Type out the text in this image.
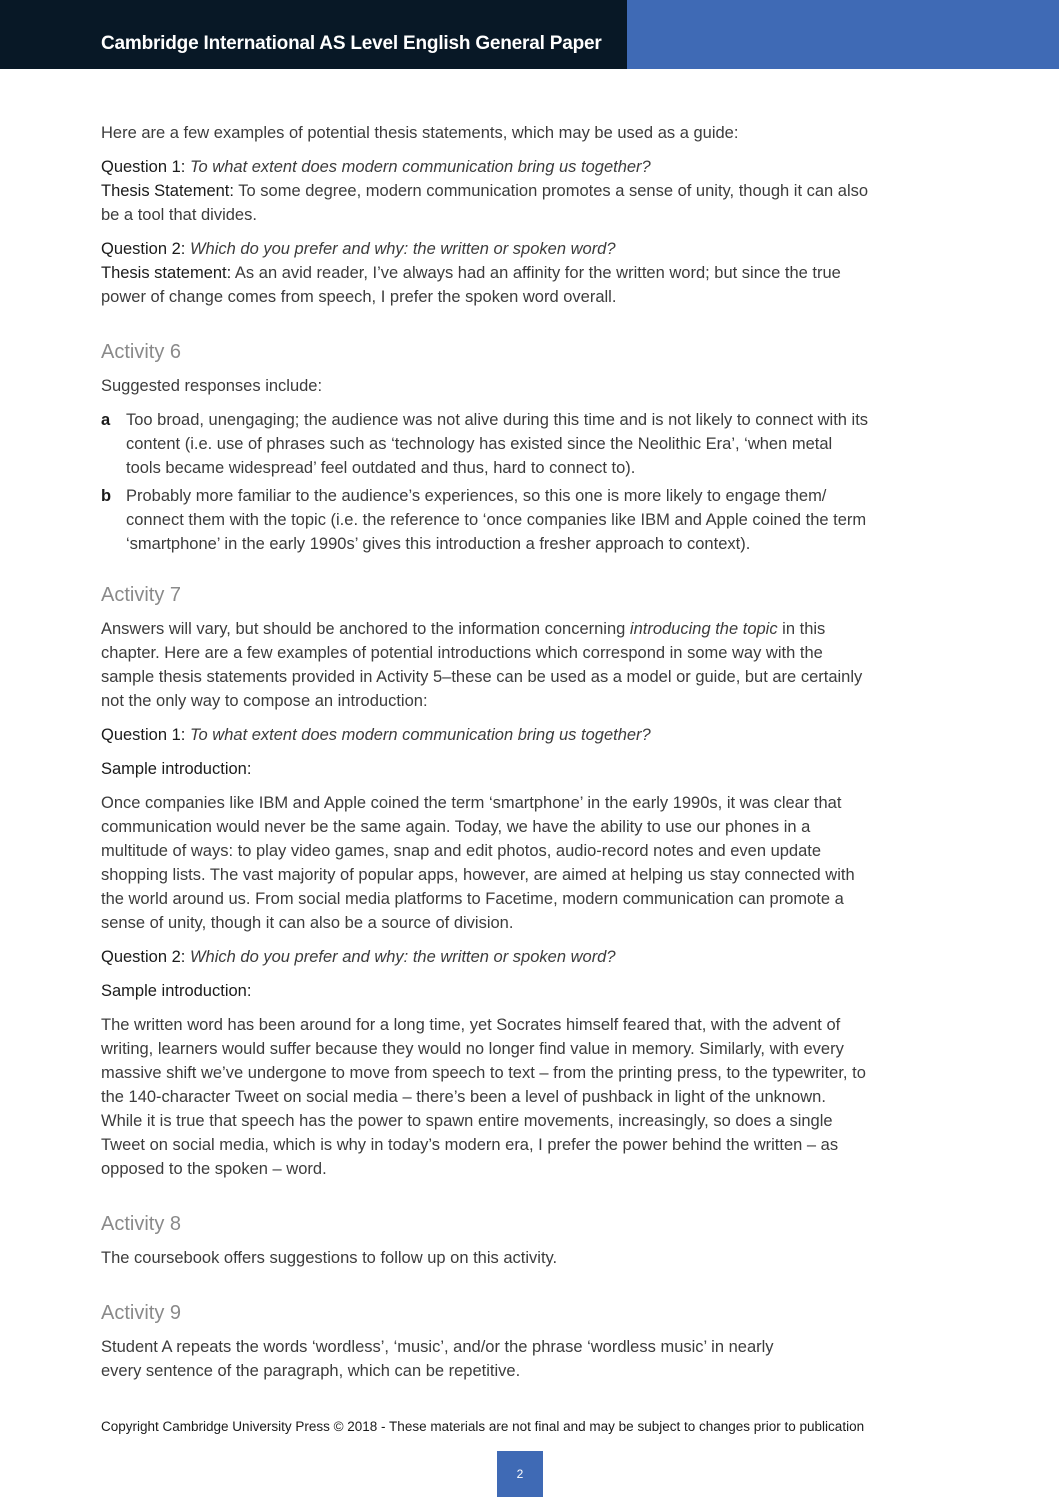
Cambridge International AS Level English General Paper

Here are a few examples of potential thesis statements, which may be used as a guide:

Question 1: To what extent does modern communication bring us together?

Thesis Statement: To some degree, modern communication promotes a sense of unity, though it can also be a tool that divides.

Question 2: Which do you prefer and why: the written or spoken word?

Thesis statement: As an avid reader, I’ve always had an affinity for the written word; but since the true power of change comes from speech, I prefer the spoken word overall.

Activity 6

Suggested responses include:

a Too broad, unengaging; the audience was not alive during this time and is not likely to connect with its content (i.e. use of phrases such as ‘technology has existed since the Neolithic Era’, ‘when metal tools became widespread’ feel outdated and thus, hard to connect to).
b Probably more familiar to the audience’s experiences, so this one is more likely to engage them/ connect them with the topic (i.e. the reference to ‘once companies like IBM and Apple coined the term ‘smartphone’ in the early 1990s’ gives this introduction a fresher approach to context).
Activity 7

Answers will vary, but should be anchored to the information concerning introducing the topic in this chapter. Here are a few examples of potential introductions which correspond in some way with the sample thesis statements provided in Activity 5–these can be used as a model or guide, but are certainly not the only way to compose an introduction:

Question 1: To what extent does modern communication bring us together?

Sample introduction:

Once companies like IBM and Apple coined the term ‘smartphone’ in the early 1990s, it was clear that communication would never be the same again. Today, we have the ability to use our phones in a multitude of ways: to play video games, snap and edit photos, audio-record notes and even update shopping lists. The vast majority of popular apps, however, are aimed at helping us stay connected with the world around us. From social media platforms to Facetime, modern communication can promote a sense of unity, though it can also be a source of division.

Question 2: Which do you prefer and why: the written or spoken word?

Sample introduction:

The written word has been around for a long time, yet Socrates himself feared that, with the advent of writing, learners would suffer because they would no longer find value in memory. Similarly, with every massive shift we’ve undergone to move from speech to text – from the printing press, to the typewriter, to the 140-character Tweet on social media – there’s been a level of pushback in light of the unknown. While it is true that speech has the power to spawn entire movements, increasingly, so does a single Tweet on social media, which is why in today’s modern era, I prefer the power behind the written – as opposed to the spoken – word.

Activity 8

The coursebook offers suggestions to follow up on this activity.

Activity 9

Student A repeats the words ‘wordless’, ‘music’, and/or the phrase ‘wordless music’ in nearly every sentence of the paragraph, which can be repetitive.

Copyright Cambridge University Press © 2018 - These materials are not final and may be subject to changes prior to publication
2
